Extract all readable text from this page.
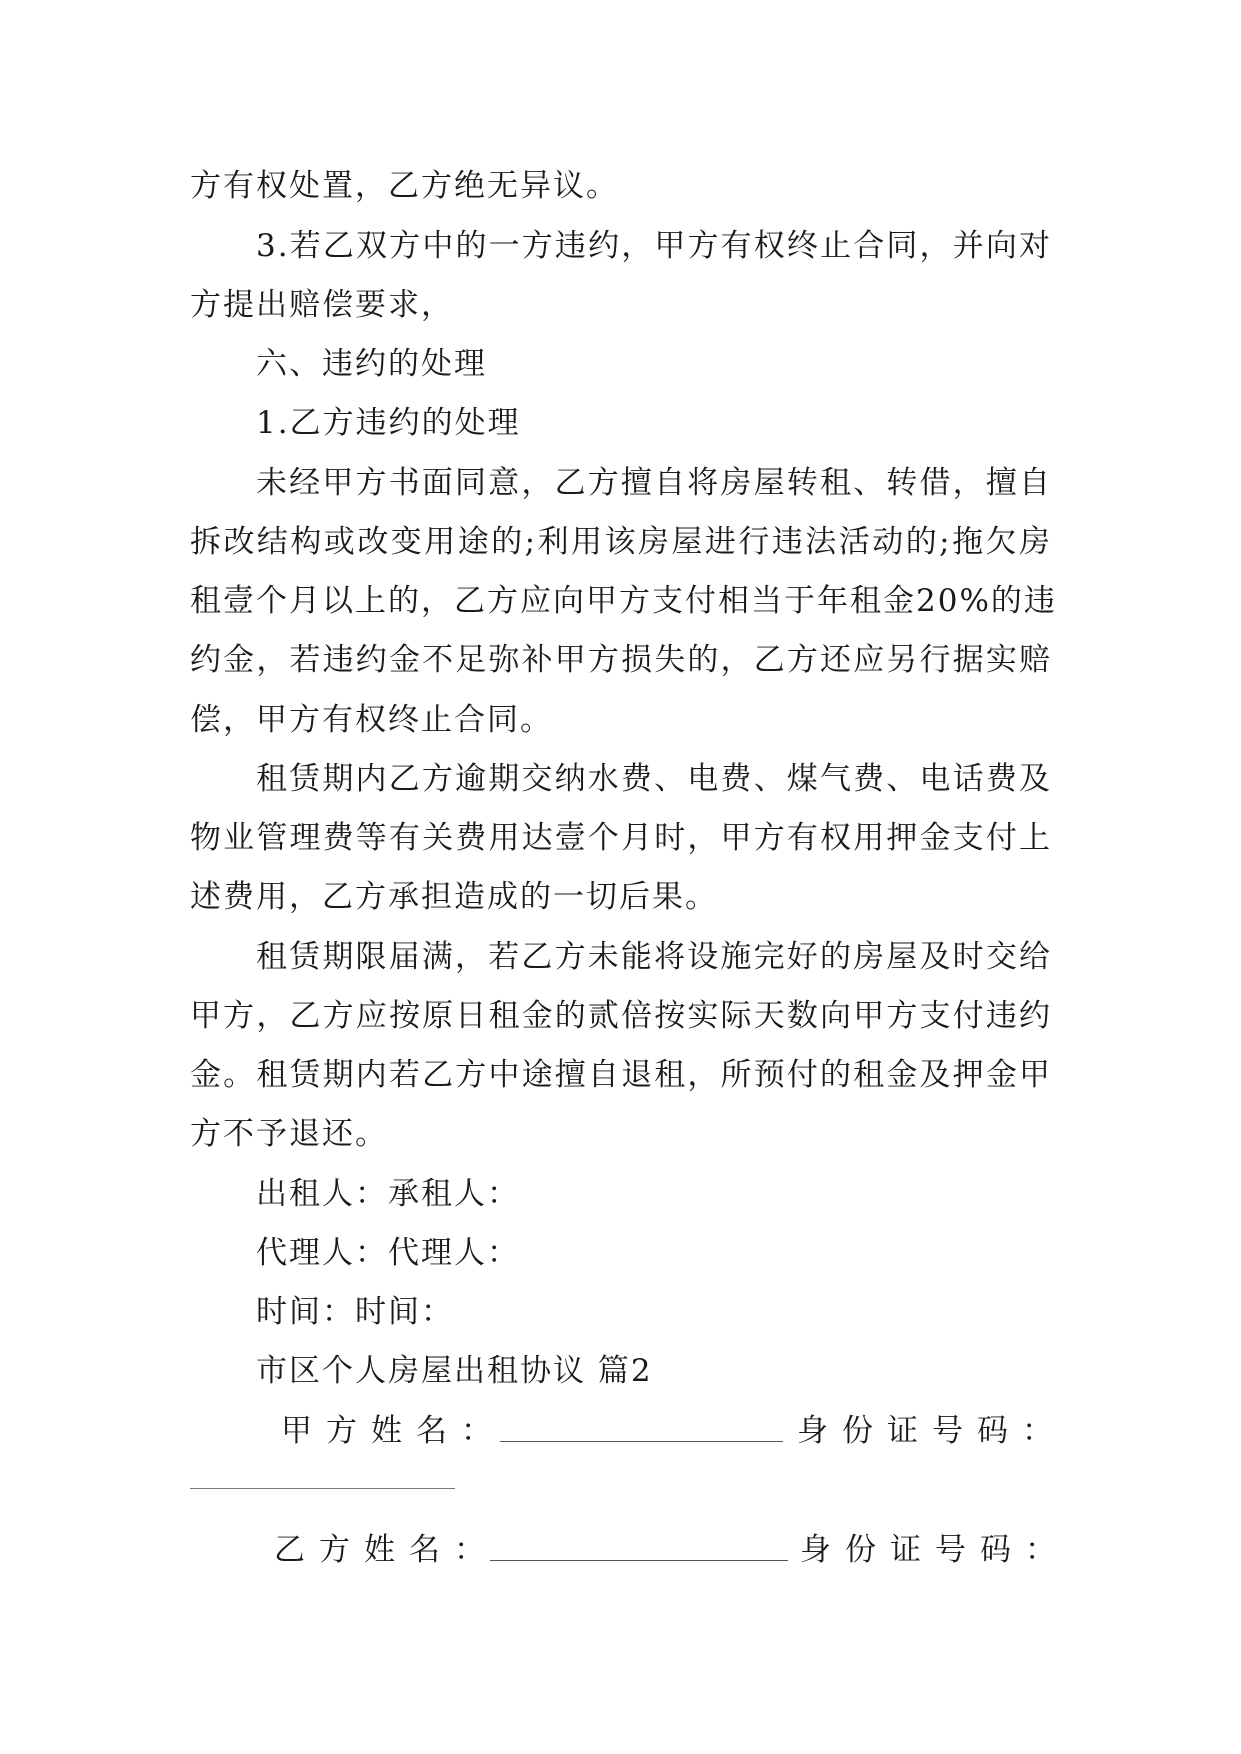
方有权处置，乙方绝无异议。
3.若乙双方中的一方违约，甲方有权终止合同，并向对
方提出赔偿要求，
六、违约的处理
1.乙方违约的处理
未经甲方书面同意，乙方擅自将房屋转租、转借，擅自
拆改结构或改变用途的;利用该房屋进行违法活动的;拖欠房
租壹个月以上的，乙方应向甲方支付相当于年租金20%的违
约金，若违约金不足弥补甲方损失的，乙方还应另行据实赔
偿，甲方有权终止合同。
租赁期内乙方逾期交纳水费、电费、煤气费、电话费及
物业管理费等有关费用达壹个月时，甲方有权用押金支付上
述费用，乙方承担造成的一切后果。
租赁期限届满，若乙方未能将设施完好的房屋及时交给
甲方，乙方应按原日租金的贰倍按实际天数向甲方支付违约
金。租赁期内若乙方中途擅自退租，所预付的租金及押金甲
方不予退还。
出租人：承租人：
代理人：代理人：
时间：时间：
市区个人房屋出租协议 篇2
甲方姓名：	身份证号码：
乙方姓名：	身份证号码：
